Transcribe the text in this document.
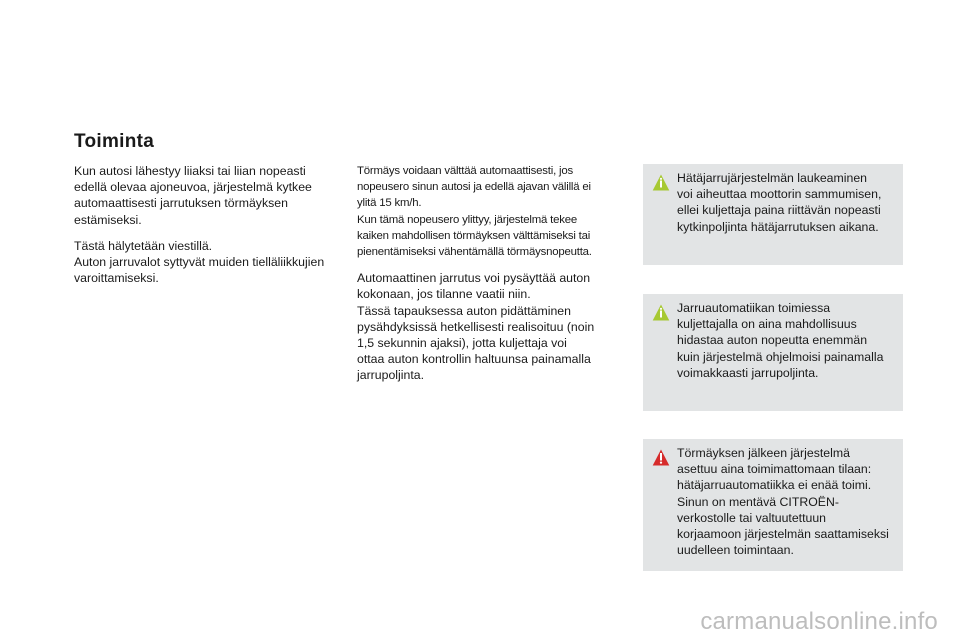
Toiminta

Kun autosi lähestyy liiaksi tai liian nopeasti
edellä olevaa ajoneuvoa, järjestelmä kytkee
automaattisesti jarrutuksen törmäyksen
estämiseksi.

Tästä hälytetään viestillä.
Auton jarruvalot syttyvät muiden tielläliikkujien
varoittamiseksi.

Törmäys voidaan välttää automaattisesti, jos
nopeusero sinun autosi ja edellä ajavan välillä ei
ylitä 15 km/h.
Kun tämä nopeusero ylittyy, järjestelmä tekee
kaiken mahdollisen törmäyksen välttämiseksi tai
pienentämiseksi vähentämällä törmäysnopeutta.

Automaattinen jarrutus voi pysäyttää auton
kokonaan, jos tilanne vaatii niin.
Tässä tapauksessa auton pidättäminen
pysähdyksissä hetkellisesti realisoituu (noin
1,5 sekunnin ajaksi), jotta kuljettaja voi
ottaa auton kontrollin haltuunsa painamalla
jarrupoljinta.

Hätäjarrujärjestelmän laukeaminen
voi aiheuttaa moottorin sammumisen,
ellei kuljettaja paina riittävän nopeasti
kytkinpoljinta hätäjarrutuksen aikana.

Jarruautomatiikan toimiessa
kuljettajalla on aina mahdollisuus
hidastaa auton nopeutta enemmän
kuin järjestelmä ohjelmoisi painamalla
voimakkaasti jarrupoljinta.

Törmäyksen jälkeen järjestelmä
asettuu aina toimimattomaan tilaan:
hätäjarruautomatiikka ei enää toimi.
Sinun on mentävä CITROËN-
verkostolle tai valtuutettuun
korjaamoon järjestelmän saattamiseksi
uudelleen toimintaan.

carmanualsonline.info
